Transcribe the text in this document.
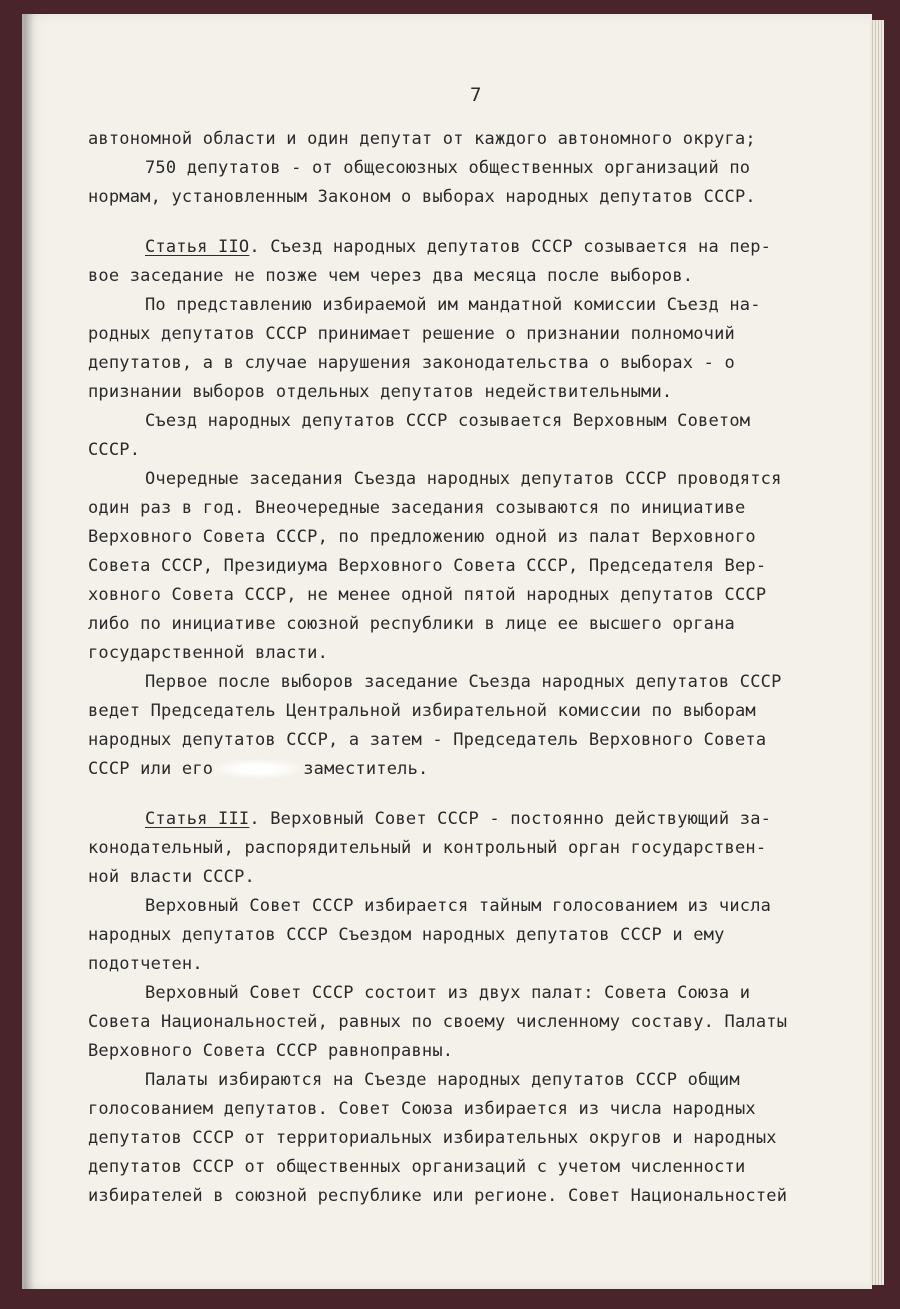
7
автономной области и один депутат от каждого автономного округа;
750 депутатов - от общесоюзных общественных организаций по
нормам, установленным Законом о выборах народных депутатов СССР.
Статья IIO. Съезд народных депутатов СССР созывается на пер-
вое заседание не позже чем через два месяца после выборов.
По представлению избираемой им мандатной комиссии Съезд на-
родных депутатов СССР принимает решение о признании полномочий
депутатов, а в случае нарушения законодательства о выборах - о
признании выборов отдельных депутатов недействительными.
Съезд народных депутатов СССР созывается Верховным Советом
СССР.
Очередные заседания Съезда народных депутатов СССР проводятся
один раз в год. Внеочередные заседания созываются по инициативе
Верховного Совета СССР, по предложению одной из палат Верховного
Совета СССР, Президиума Верховного Совета СССР, Председателя Вер-
ховного Совета СССР, не менее одной пятой народных депутатов СССР
либо по инициативе союзной республики в лице ее высшего органа
государственной власти.
Первое после выборов заседание Съезда народных депутатов СССР
ведет Председатель Центральной избирательной комиссии по выборам
народных депутатов СССР, а затем - Председатель Верховного Совета
СССР или его	заместитель.
Статья III. Верховный Совет СССР - постоянно действующий за-
конодательный, распорядительный и контрольный орган государствен-
ной власти СССР.
Верховный Совет СССР избирается тайным голосованием из числа
народных депутатов СССР Съездом народных депутатов СССР и ему
подотчетен.
Верховный Совет СССР состоит из двух палат: Совета Союза и
Совета Национальностей, равных по своему численному составу. Палаты
Верховного Совета СССР равноправны.
Палаты избираются на Съезде народных депутатов СССР общим
голосованием депутатов. Совет Союза избирается из числа народных
депутатов СССР от территориальных избирательных округов и народных
депутатов СССР от общественных организаций с учетом численности
избирателей в союзной республике или регионе. Совет Национальностей
